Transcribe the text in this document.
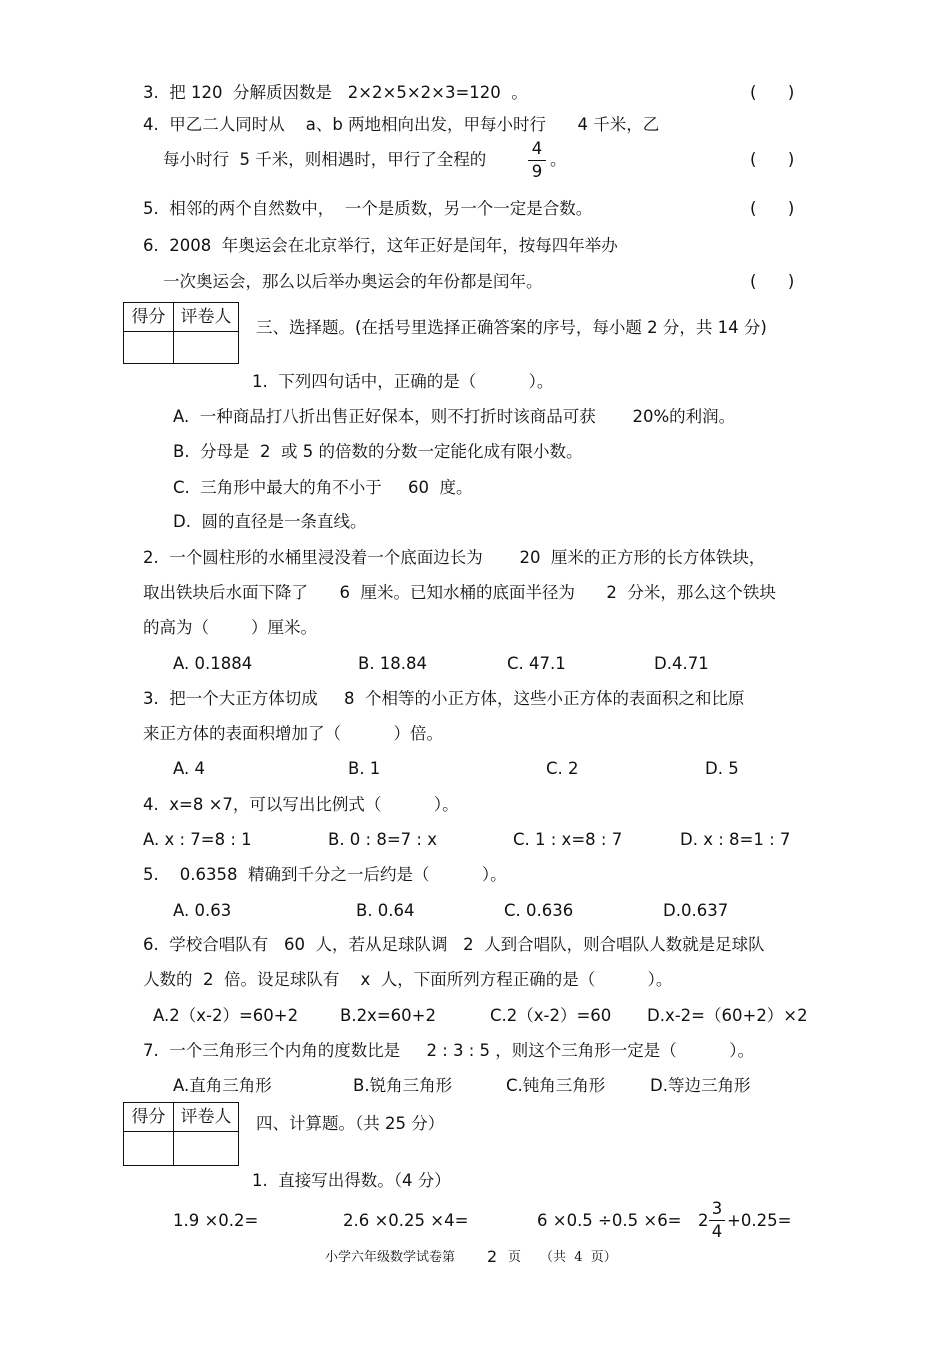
3.  把 120  分解质因数是   2×2×5×2×3=120  。	(      )
4.  甲乙二人同时从    a、b 两地相向出发，甲每小时行      4 千米，乙
每小时行  5 千米，则相遇时，甲行了全程的
4
9
。	(      )
5.  相邻的两个自然数中，  一个是质数，另一个一定是合数。	(      )
6.  2008  年奥运会在北京举行，这年正好是闰年，按每四年举办
一次奥运会，那么以后举办奥运会的年份都是闰年。	(      )
得分 评卷人
三、选择题。(在括号里选择正确答案的序号，每小题 2 分，共 14 分)
1.  下列四句话中，正确的是（          ）。
A.  一种商品打八折出售正好保本，则不打折时该商品可获       20%的利润。
B.  分母是  2  或 5 的倍数的分数一定能化成有限小数。
C.  三角形中最大的角不小于     60  度。
D.  圆的直径是一条直线。
2.  一个圆柱形的水桶里浸没着一个底面边长为       20  厘米的正方形的长方体铁块，
取出铁块后水面下降了      6  厘米。已知水桶的底面半径为      2  分米，那么这个铁块
的高为（        ）厘米。
A. 0.1884	B. 18.84	C. 47.1	D.4.71
3.  把一个大正方体切成     8  个相等的小正方体，这些小正方体的表面积之和比原
来正方体的表面积增加了（          ）倍。
A. 4	B. 1	C. 2	D. 5
4.  x=8 ×7，可以写出比例式（          ）。
A. x : 7=8 : 1	B. 0 : 8=7 : x	C. 1 : x=8 : 7	D. x : 8=1 : 7
5.    0.6358  精确到千分之一后约是（          ）。
A. 0.63	B. 0.64	C. 0.636	D.0.637
6.  学校合唱队有   60  人，若从足球队调   2  人到合唱队，则合唱队人数就是足球队
人数的  2  倍。设足球队有    x  人，下面所列方程正确的是（          ）。
A.2（x-2）=60+2	B.2x=60+2	C.2（x-2）=60 D.x-2=（60+2）×2
7.  一个三角形三个内角的度数比是     2 : 3 : 5 ，则这个三角形一定是（          ）。
A.直角三角形	B.锐角三角形	C.钝角三角形	D.等边三角形
得分 评卷人	四、计算题。（共 25 分）
1.  直接写出得数。（4 分）
1.9 ×0.2=	2.6 ×0.25 ×4=	6 ×0.5 ÷0.5 ×6= 2
3
4
+0.25=
小学六年级数学试卷第 2 页 （共  4  页）
